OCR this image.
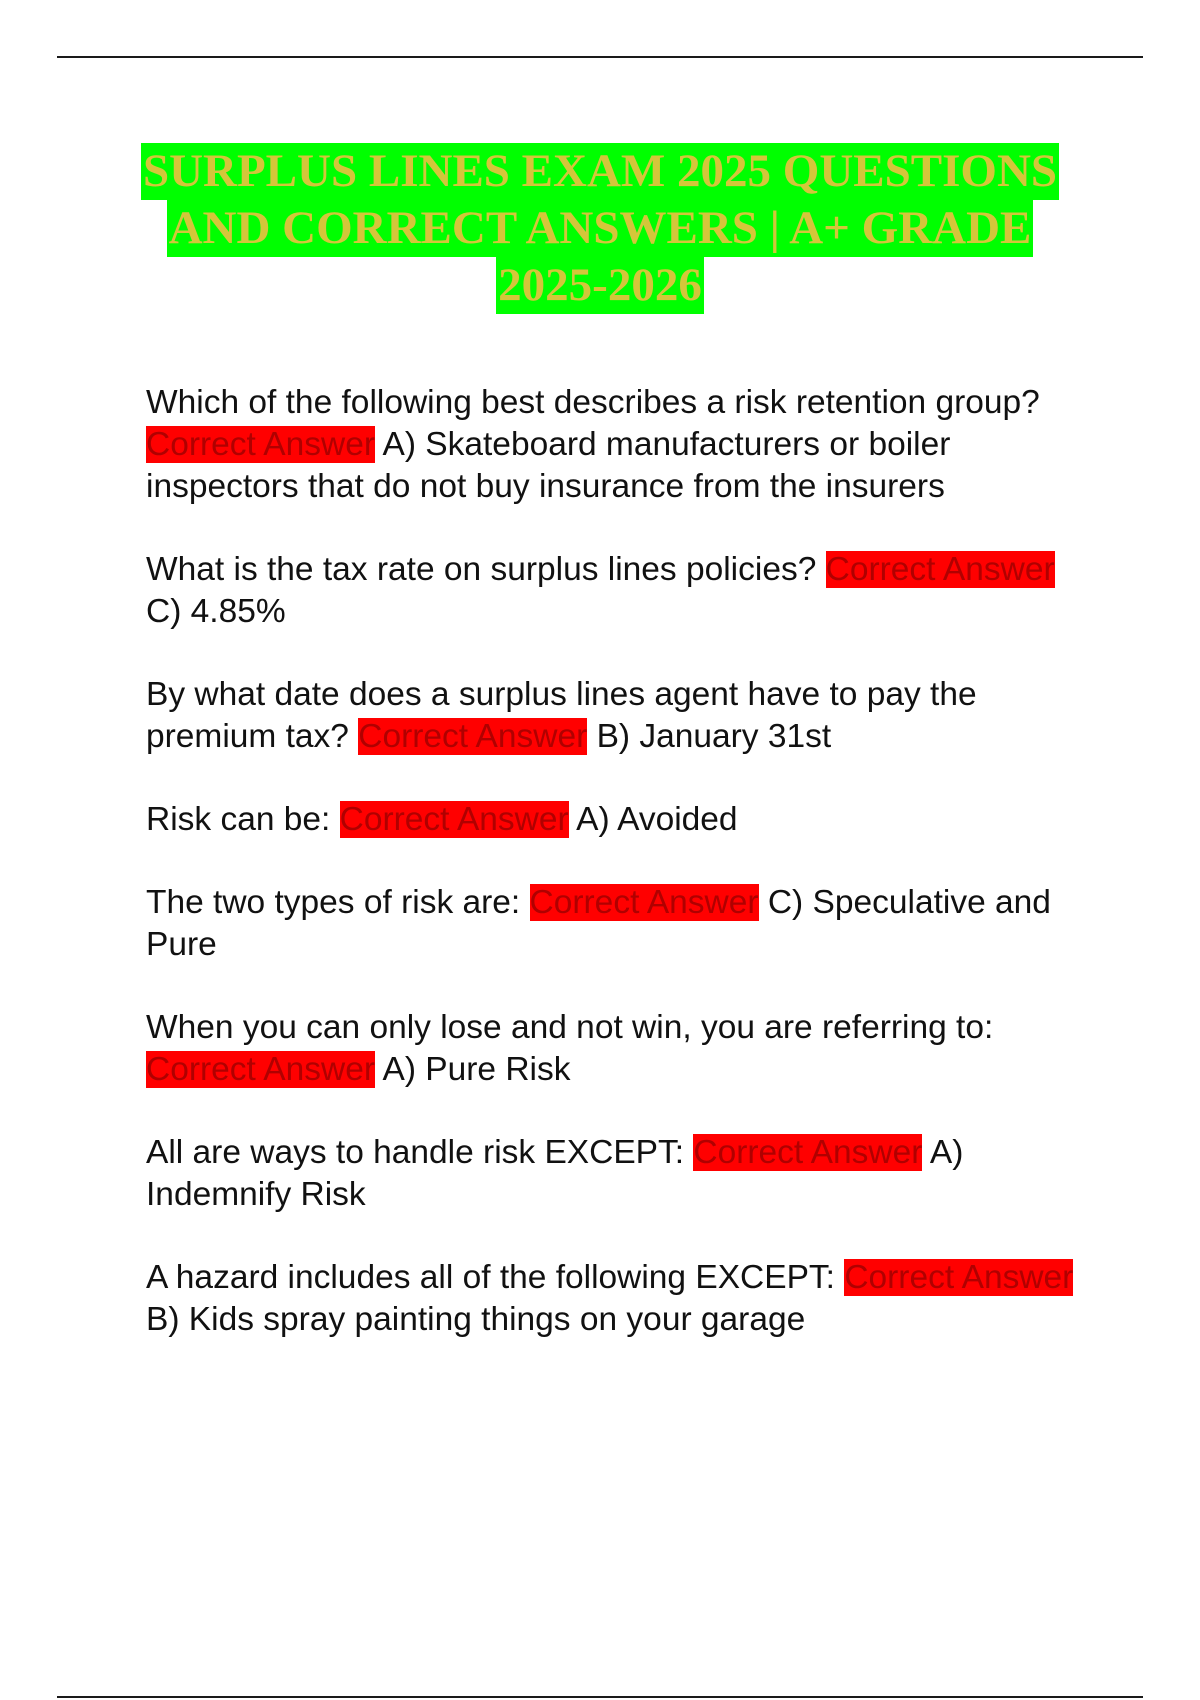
SURPLUS LINES EXAM 2025 QUESTIONS
AND CORRECT ANSWERS | A+ GRADE
2025-2026

Which of the following best describes a risk retention group? Correct Answer A) Skateboard manufacturers or boiler inspectors that do not buy insurance from the insurers

What is the tax rate on surplus lines policies? Correct Answer C) 4.85%

By what date does a surplus lines agent have to pay the premium tax? Correct Answer B) January 31st

Risk can be: Correct Answer A) Avoided

The two types of risk are: Correct Answer C) Speculative and Pure

When you can only lose and not win, you are referring to: Correct Answer A) Pure Risk

All are ways to handle risk EXCEPT: Correct Answer A) Indemnify Risk

A hazard includes all of the following EXCEPT: Correct Answer B) Kids spray painting things on your garage
